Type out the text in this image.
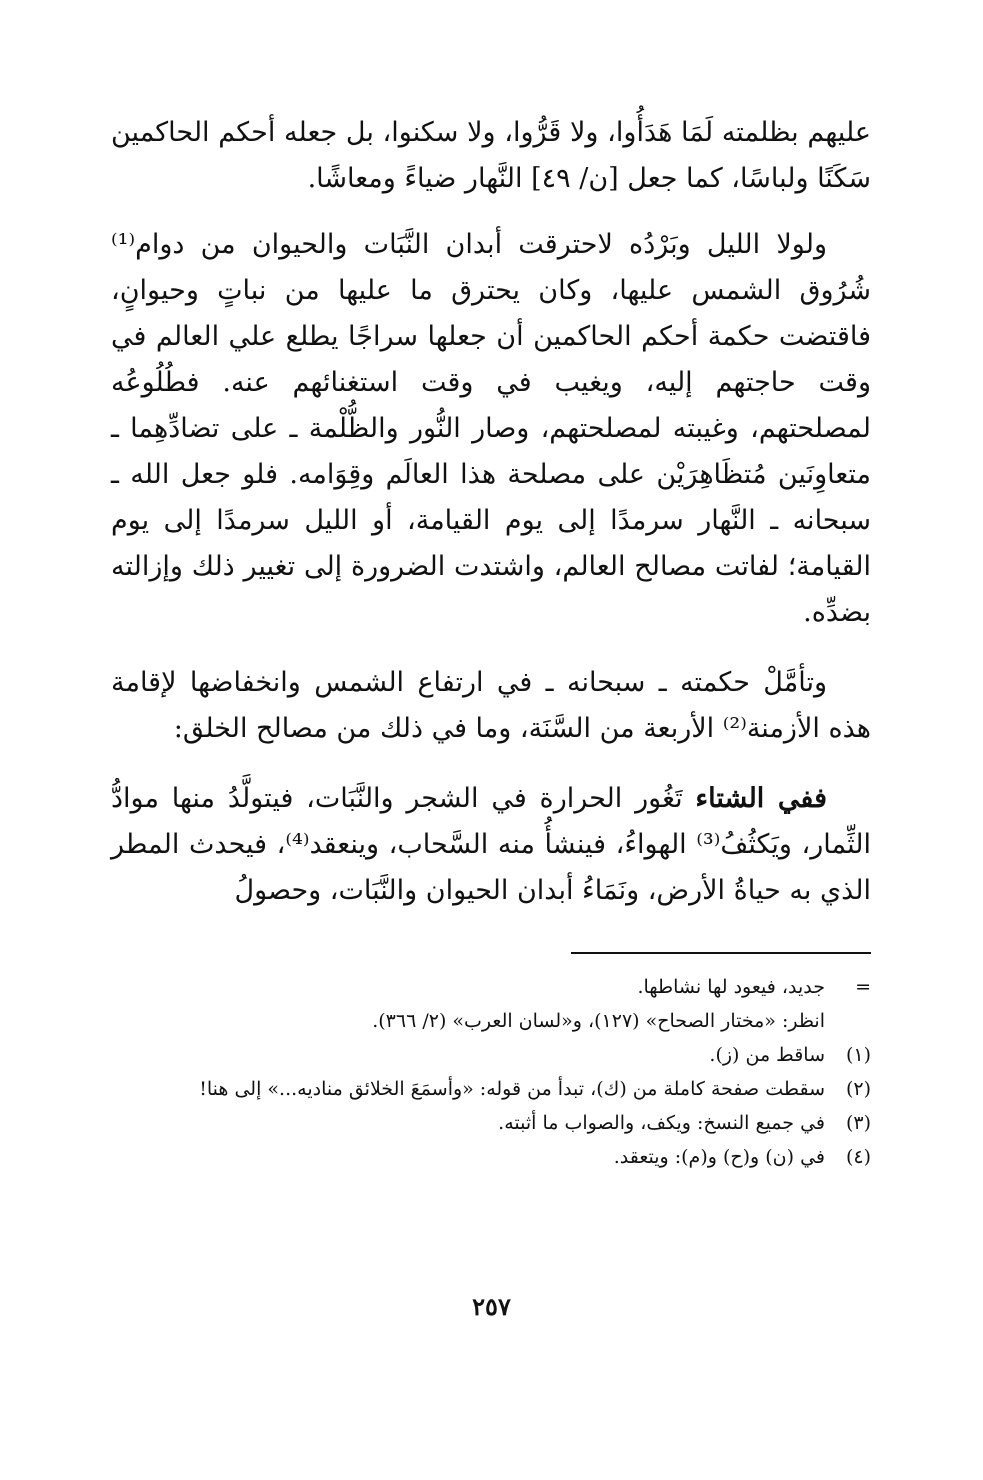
عليهم بظلمته لَمَا هَدَأُوا، ولا قَرُّوا، ولا سكنوا، بل جعله أحكم الحاكمين سَكَنًا ولباسًا، كما جعل [ن/ ٤٩] النَّهار ضياءً ومعاشًا.

ولولا الليل وبَرْدُه لاحترقت أبدان النَّبَات والحيوان من دوام⁽¹⁾ شُرُوق الشمس عليها، وكان يحترق ما عليها من نباتٍ وحيوانٍ، فاقتضت حكمة أحكم الحاكمين أن جعلها سراجًا يطلع علي العالم في وقت حاجتهم إليه، ويغيب في وقت استغنائهم عنه. فطُلُوعُه لمصلحتهم، وغيبته لمصلحتهم، وصار النُّور والظُّلْمة ـ على تضادِّهِما ـ متعاوِنَين مُتظَاهِرَيْن على مصلحة هذا العالَم وقِوَامه. فلو جعل الله ـ سبحانه ـ النَّهار سرمدًا إلى يوم القيامة، أو الليل سرمدًا إلى يوم القيامة؛ لفاتت مصالح العالم، واشتدت الضرورة إلى تغيير ذلك وإزالته بضدِّه.

وتأمَّلْ حكمته ـ سبحانه ـ في ارتفاع الشمس وانخفاضها لإقامة هذه الأزمنة⁽²⁾ الأربعة من السَّنَة، وما في ذلك من مصالح الخلق:

ففي الشتاء تَغُور الحرارة في الشجر والنَّبَات، فيتولَّدُ منها موادُّ الثِّمار، ويَكثُفُ⁽³⁾ الهواءُ، فينشأُ منه السَّحاب، وينعقد⁽⁴⁾، فيحدث المطر الذي به حياةُ الأرض، ونَمَاءُ أبدان الحيوان والنَّبَات، وحصولُ

=
جديد، فيعود لها نشاطها.
انظر: «مختار الصحاح» (١٢٧)، و«لسان العرب» (٢/ ٣٦٦).
(١)
ساقط من (ز).
(٢)
سقطت صفحة كاملة من (ك)، تبدأ من قوله: «وأسمَعَ الخلائق مناديه...» إلى هنا!
(٣)
في جميع النسخ: ويكف، والصواب ما أثبته.
(٤)
في (ن) و(ح) و(م): ويتعقد.
٢٥٧
